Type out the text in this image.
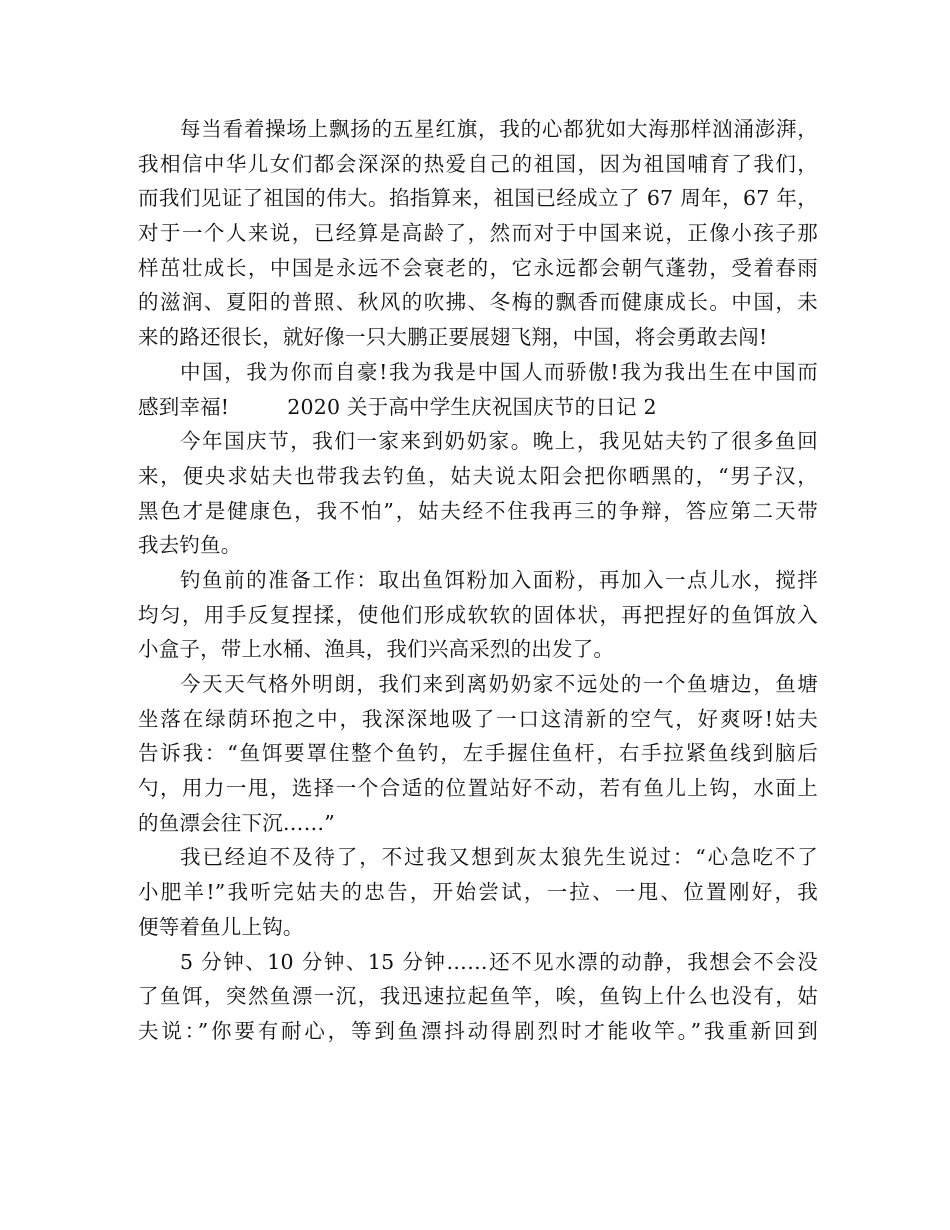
每当看着操场上飘扬的五星红旗，我的心都犹如大海那样汹涌澎湃，
我相信中华儿女们都会深深的热爱自己的祖国，因为祖国哺育了我们，
而我们见证了祖国的伟大。掐指算来，祖国已经成立了 67 周年，67 年，
对于一个人来说，已经算是高龄了，然而对于中国来说，正像小孩子那
样茁壮成长，中国是永远不会衰老的，它永远都会朝气蓬勃，受着春雨
的滋润、夏阳的普照、秋风的吹拂、冬梅的飘香而健康成长。中国，未
来的路还很长，就好像一只大鹏正要展翅飞翔，中国，将会勇敢去闯!
中国，我为你而自豪!我为我是中国人而骄傲!我为我出生在中国而
感到幸福!	2020 关于高中学生庆祝国庆节的日记 2
今年国庆节，我们一家来到奶奶家。晚上，我见姑夫钓了很多鱼回
来，便央求姑夫也带我去钓鱼，姑夫说太阳会把你晒黑的，“男子汉，
黑色才是健康色，我不怕”，姑夫经不住我再三的争辩，答应第二天带
我去钓鱼。
钓鱼前的准备工作：取出鱼饵粉加入面粉，再加入一点儿水，搅拌
均匀，用手反复捏揉，使他们形成软软的固体状，再把捏好的鱼饵放入
小盒子，带上水桶、渔具，我们兴高采烈的出发了。
今天天气格外明朗，我们来到离奶奶家不远处的一个鱼塘边，鱼塘
坐落在绿荫环抱之中，我深深地吸了一口这清新的空气，好爽呀!姑夫
告诉我：“鱼饵要罩住整个鱼钓，左手握住鱼杆，右手拉紧鱼线到脑后
勺，用力一甩，选择一个合适的位置站好不动，若有鱼儿上钩，水面上
的鱼漂会往下沉……”
我已经迫不及待了，不过我又想到灰太狼先生说过：“心急吃不了
小肥羊!”我听完姑夫的忠告，开始尝试，一拉、一甩、位置刚好，我
便等着鱼儿上钩。
5 分钟、10 分钟、15 分钟……还不见水漂的动静，我想会不会没
了鱼饵，突然鱼漂一沉，我迅速拉起鱼竿，唉，鱼钩上什么也没有，姑
夫说：”你要有耐心，等到鱼漂抖动得剧烈时才能收竿。”我重新回到
